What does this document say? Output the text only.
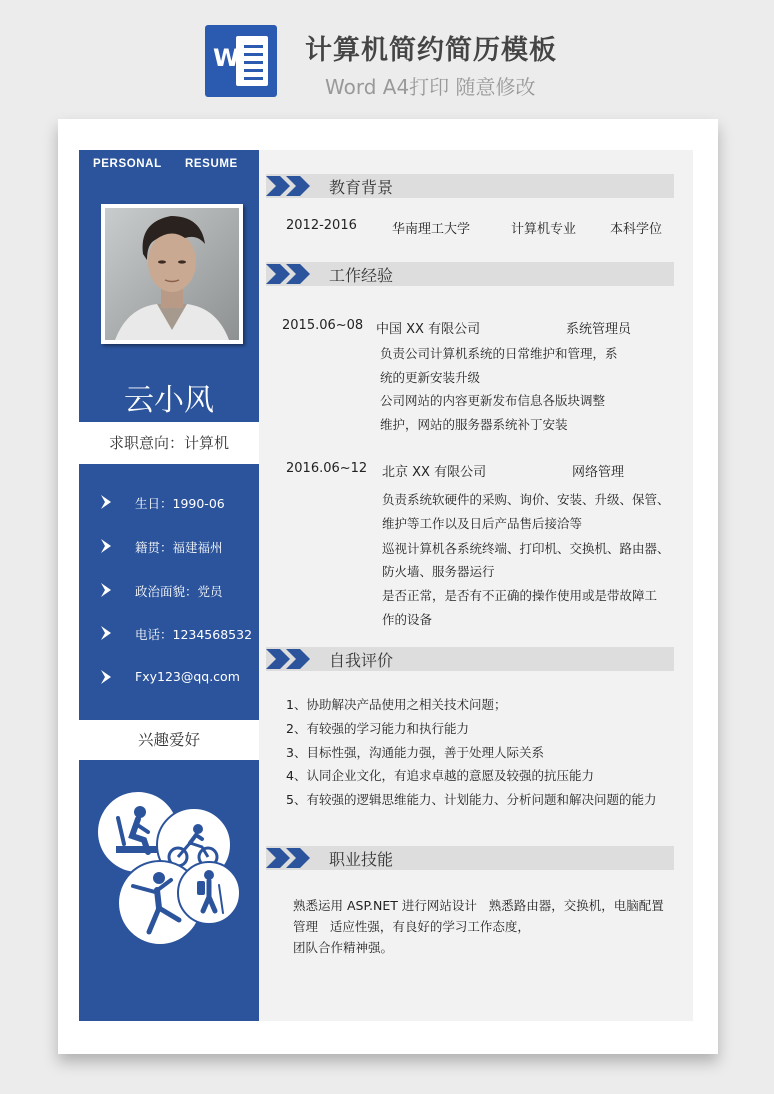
W 计算机简约简历模板
Word A4打印 随意修改
PERSONAL RESUME
云小风
求职意向：计算机
生日：1990-06
籍贯：福建福州
政治面貌：党员
电话：1234568532
Fxy123@qq.com
兴趣爱好
教育背景
2012-2016	华南理工大学	计算机专业	本科学位
工作经验
2015.06~08 中国 XX 有限公司	系统管理员
负责公司计算机系统的日常维护和管理，系
统的更新安装升级
公司网站的内容更新发布信息各版块调整
维护，网站的服务器系统补丁安装
2016.06~12 北京 XX 有限公司	网络管理
负责系统软硬件的采购、询价、安装、升级、保管、
维护等工作以及日后产品售后接洽等
巡视计算机各系统终端、打印机、交换机、路由器、
防火墙、服务器运行
是否正常，是否有不正确的操作使用或是带故障工
作的设备
自我评价
1、协助解决产品使用之相关技术问题；
2、有较强的学习能力和执行能力
3、目标性强，沟通能力强，善于处理人际关系
4、认同企业文化，有追求卓越的意愿及较强的抗压能力
5、有较强的逻辑思维能力、计划能力、分析问题和解决问题的能力
职业技能
熟悉运用 ASP.NET 进行网站设计   熟悉路由器，交换机，电脑配置
管理   适应性强，有良好的学习工作态度，
团队合作精神强。
